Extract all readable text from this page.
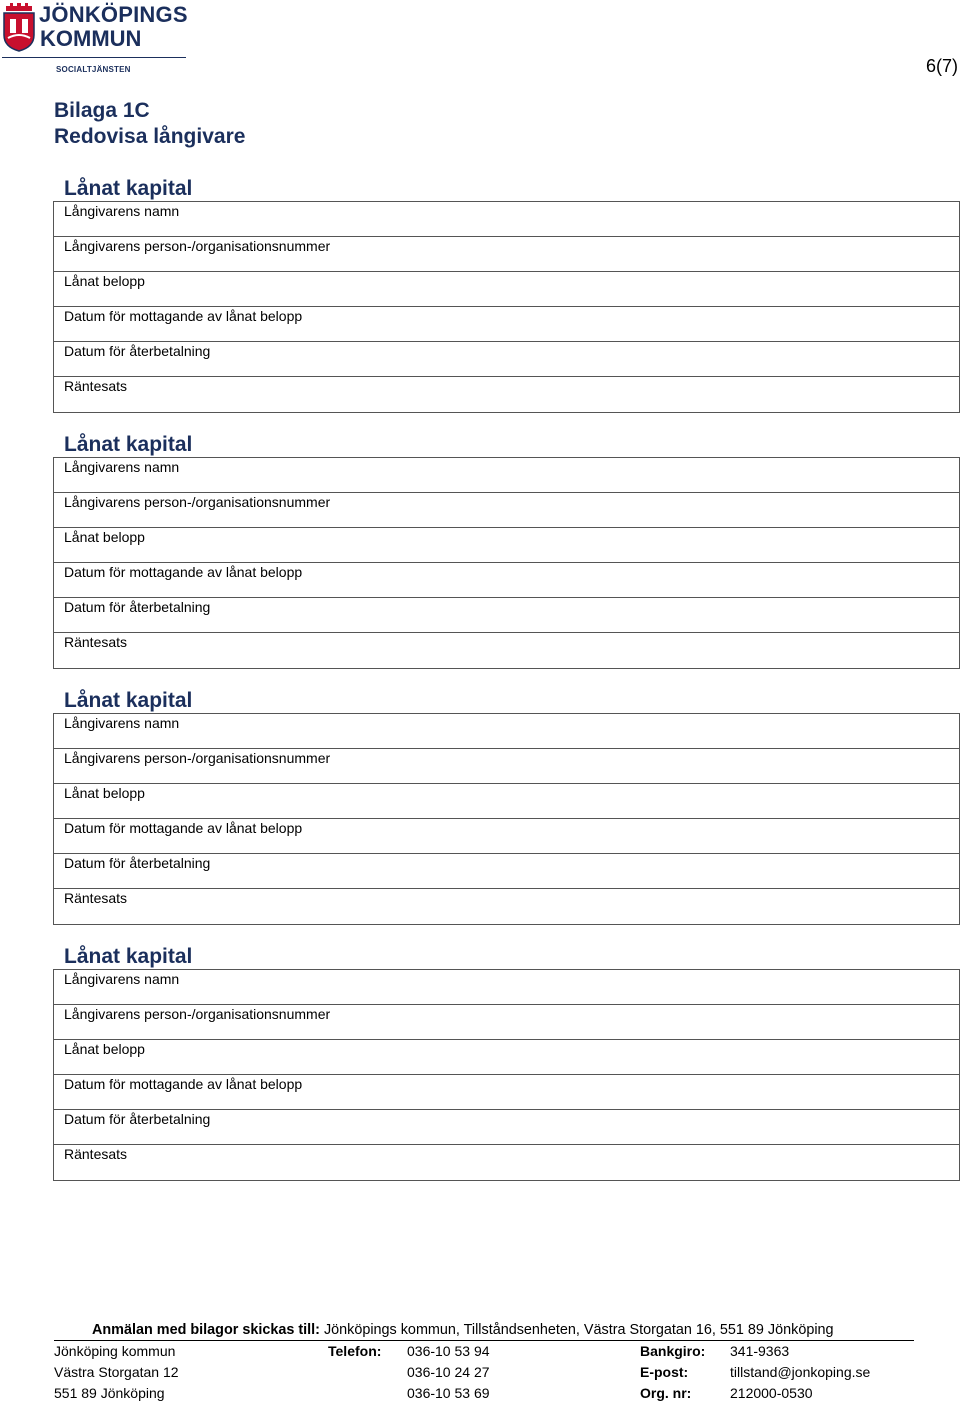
JÖNKÖPINGS
KOMMUN
SOCIALTJÄNSTEN	6(7)
Bilaga 1C
Redovisa långivare
Lånat kapital
Långivarens namn
Långivarens person-/organisationsnummer
Lånat belopp
Datum för mottagande av lånat belopp
Datum för återbetalning
Räntesats
Lånat kapital
Långivarens namn
Långivarens person-/organisationsnummer
Lånat belopp
Datum för mottagande av lånat belopp
Datum för återbetalning
Räntesats
Lånat kapital
Långivarens namn
Långivarens person-/organisationsnummer
Lånat belopp
Datum för mottagande av lånat belopp
Datum för återbetalning
Räntesats
Lånat kapital
Långivarens namn
Långivarens person-/organisationsnummer
Lånat belopp
Datum för mottagande av lånat belopp
Datum för återbetalning
Räntesats
Anmälan med bilagor skickas till: Jönköpings kommun, Tillståndsenheten, Västra Storgatan 16, 551 89 Jönköping
Jönköping kommun
Västra Storgatan 12
551 89 Jönköping
Telefon: 036-10 53 94
036-10 24 27
036-10 53 69
Bankgiro:
E-post:
Org. nr:
341-9363
tillstand@jonkoping.se
212000-0530
